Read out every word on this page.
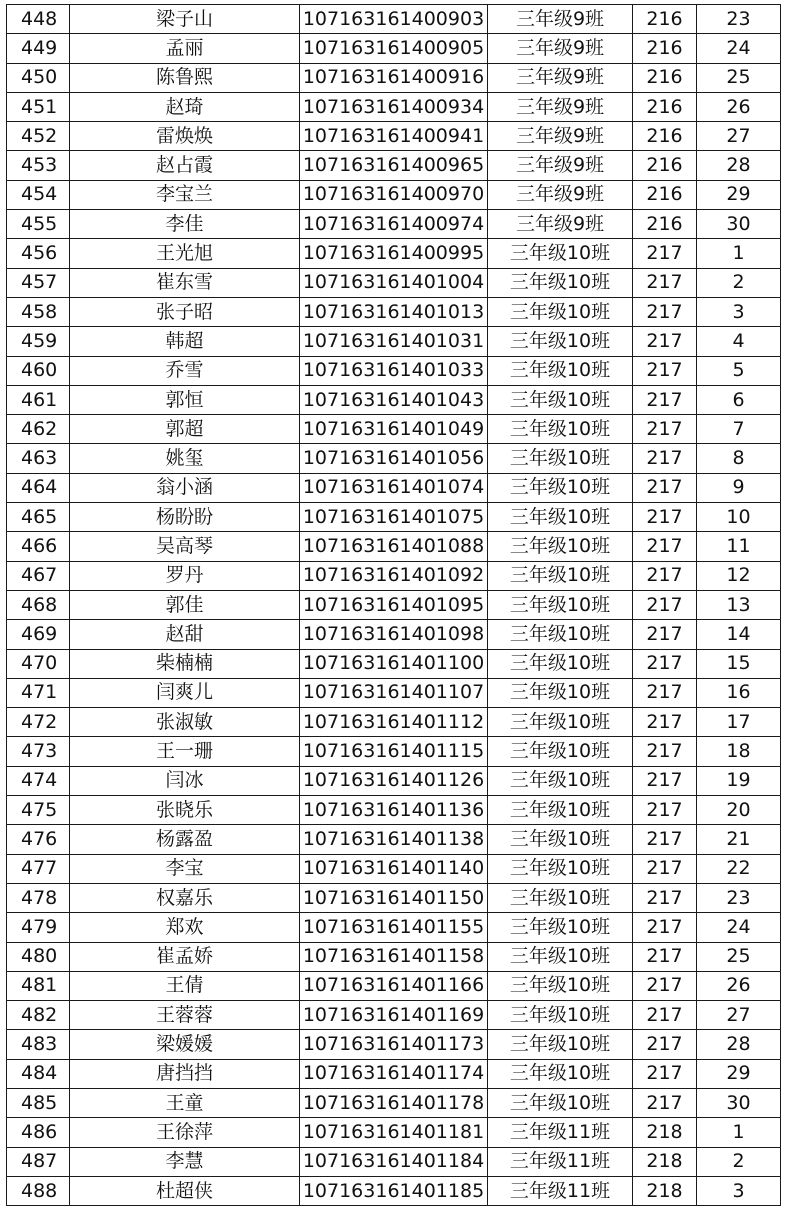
448	梁子山	107163161400903	三年级9班	216	23
449	孟丽	107163161400905	三年级9班	216	24
450	陈鲁熙	107163161400916	三年级9班	216	25
451	赵琦	107163161400934	三年级9班	216	26
452	雷焕焕	107163161400941	三年级9班	216	27
453	赵占霞	107163161400965	三年级9班	216	28
454	李宝兰	107163161400970	三年级9班	216	29
455	李佳	107163161400974	三年级9班	216	30
456	王光旭	107163161400995	三年级10班	217	1
457	崔东雪	107163161401004	三年级10班	217	2
458	张子昭	107163161401013	三年级10班	217	3
459	韩超	107163161401031	三年级10班	217	4
460	乔雪	107163161401033	三年级10班	217	5
461	郭恒	107163161401043	三年级10班	217	6
462	郭超	107163161401049	三年级10班	217	7
463	姚玺	107163161401056	三年级10班	217	8
464	翁小涵	107163161401074	三年级10班	217	9
465	杨盼盼	107163161401075	三年级10班	217	10
466	吴高琴	107163161401088	三年级10班	217	11
467	罗丹	107163161401092	三年级10班	217	12
468	郭佳	107163161401095	三年级10班	217	13
469	赵甜	107163161401098	三年级10班	217	14
470	柴楠楠	107163161401100	三年级10班	217	15
471	闫爽儿	107163161401107	三年级10班	217	16
472	张淑敏	107163161401112	三年级10班	217	17
473	王一珊	107163161401115	三年级10班	217	18
474	闫冰	107163161401126	三年级10班	217	19
475	张晓乐	107163161401136	三年级10班	217	20
476	杨露盈	107163161401138	三年级10班	217	21
477	李宝	107163161401140	三年级10班	217	22
478	权嘉乐	107163161401150	三年级10班	217	23
479	郑欢	107163161401155	三年级10班	217	24
480	崔孟娇	107163161401158	三年级10班	217	25
481	王倩	107163161401166	三年级10班	217	26
482	王蓉蓉	107163161401169	三年级10班	217	27
483	梁媛媛	107163161401173	三年级10班	217	28
484	唐挡挡	107163161401174	三年级10班	217	29
485	王童	107163161401178	三年级10班	217	30
486	王徐萍	107163161401181	三年级11班	218	1
487	李慧	107163161401184	三年级11班	218	2
488	杜超侠	107163161401185	三年级11班	218	3
